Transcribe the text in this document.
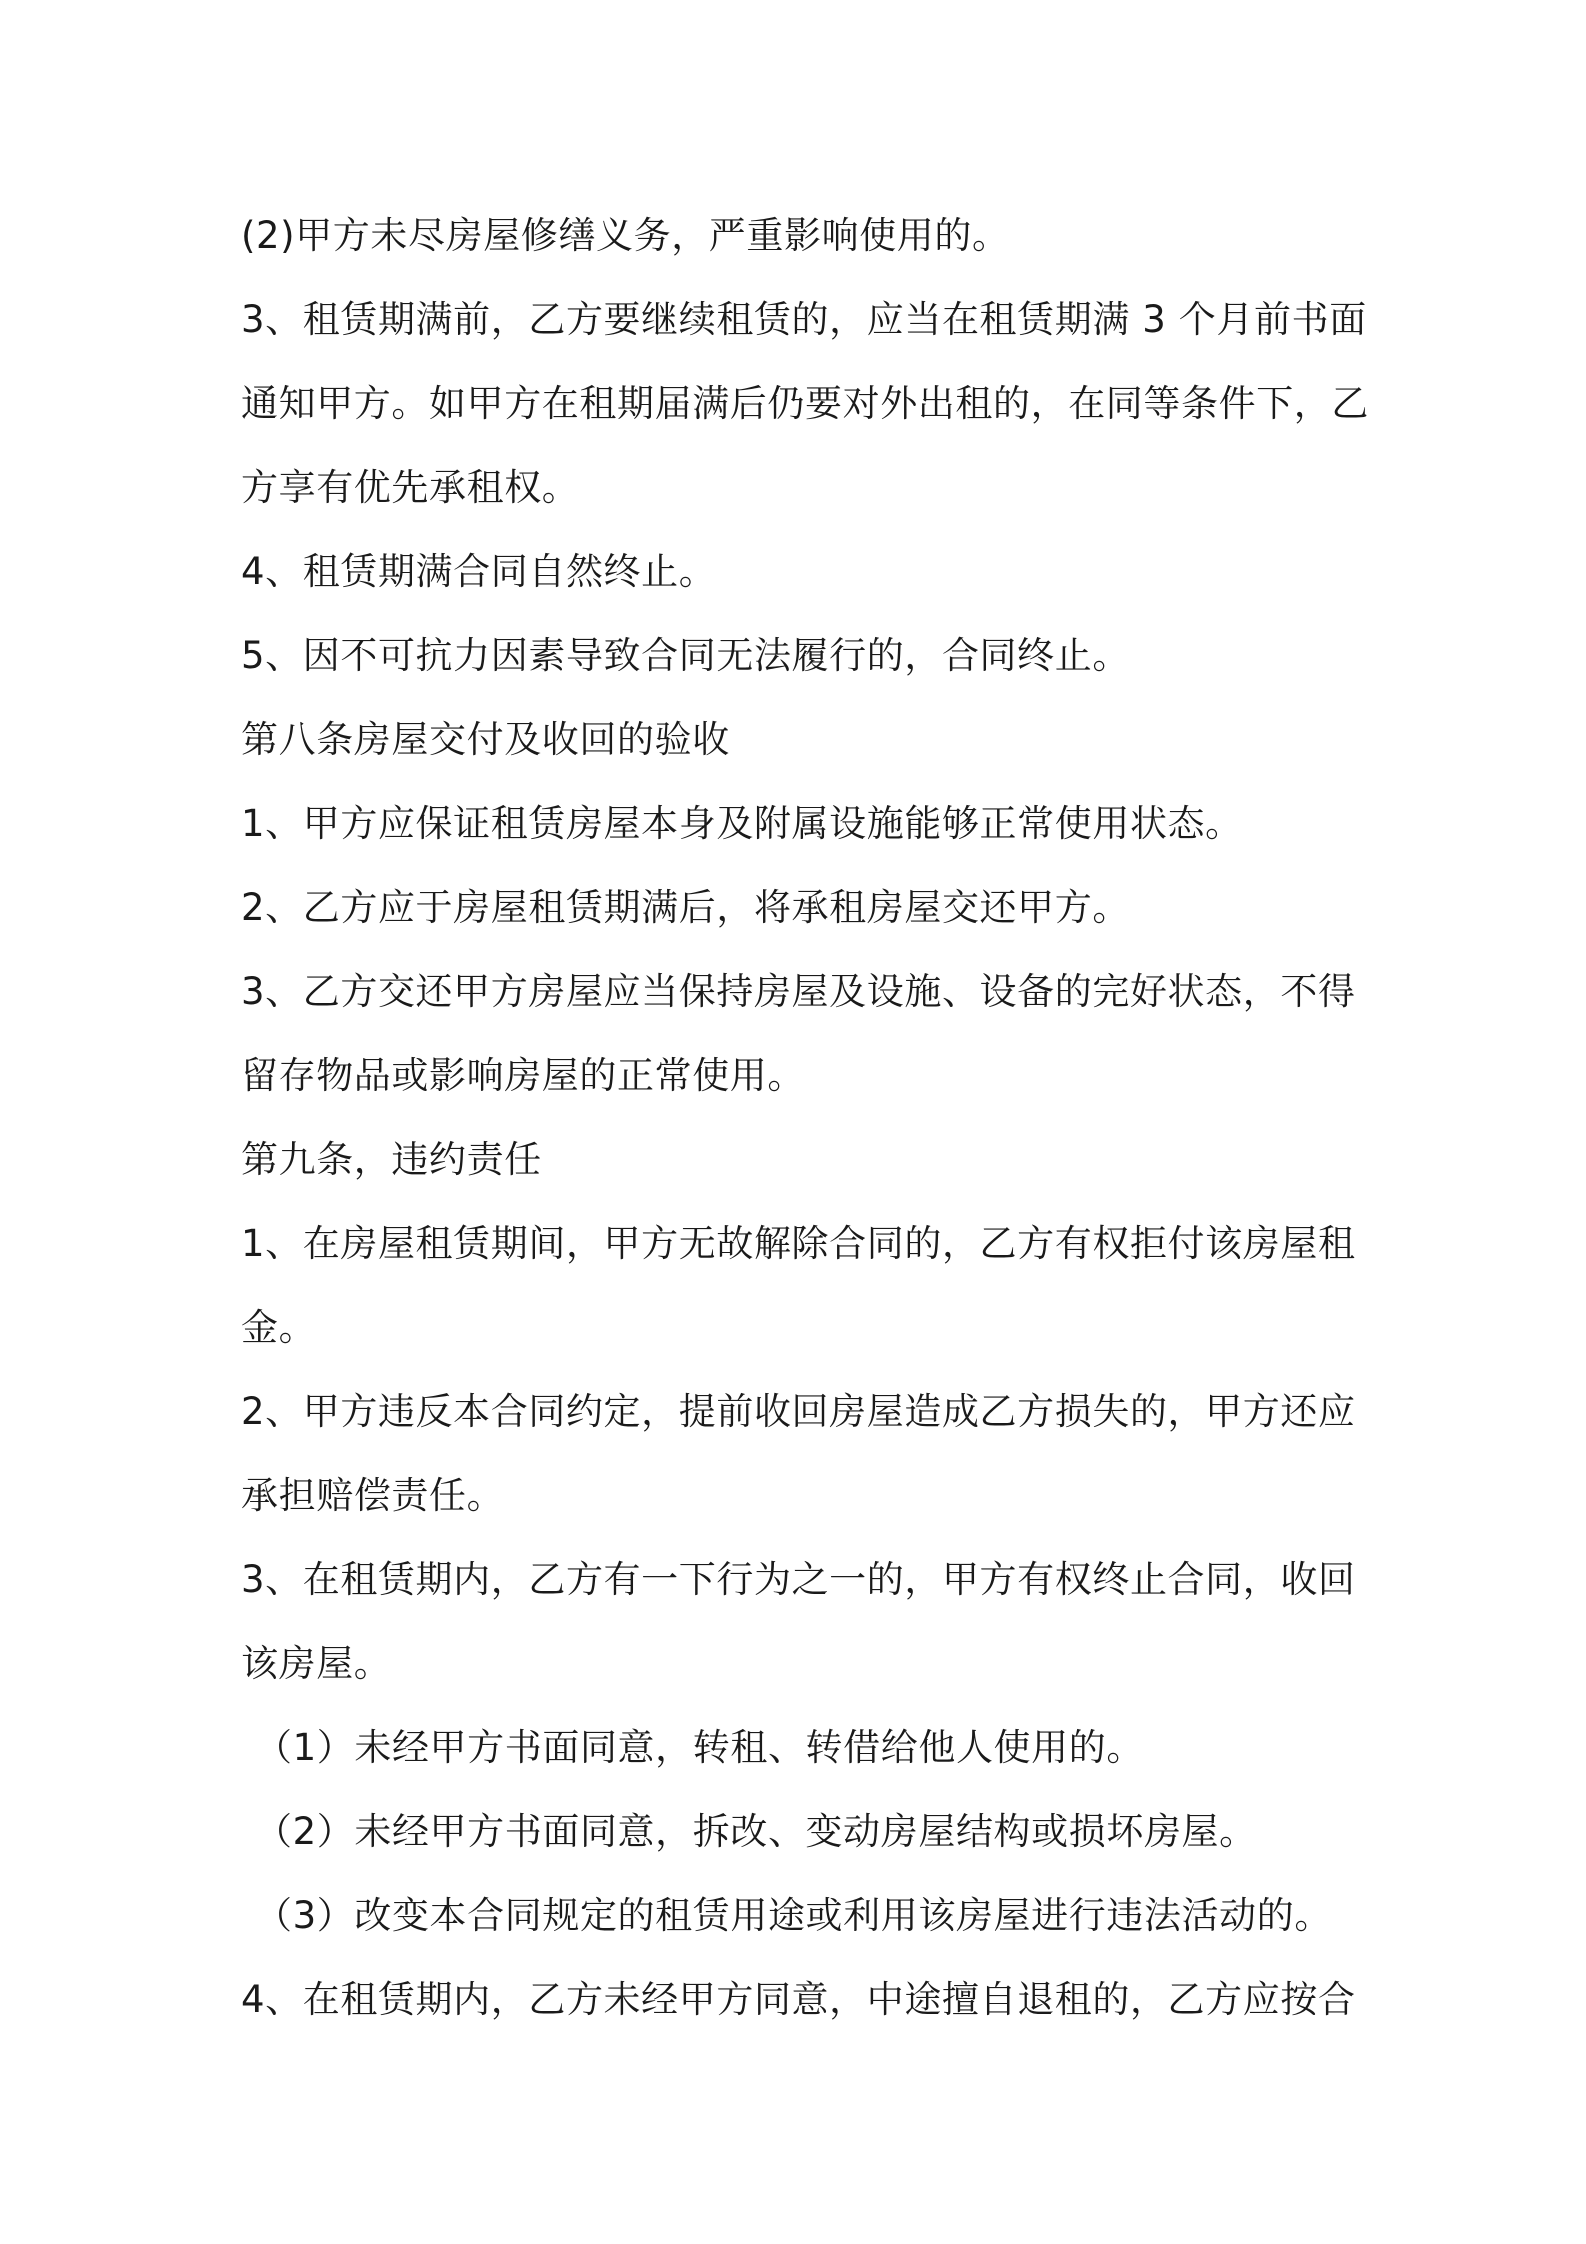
(2)甲方未尽房屋修缮义务，严重影响使用的。
3、租赁期满前，乙方要继续租赁的，应当在租赁期满 3 个月前书面
通知甲方。如甲方在租期届满后仍要对外出租的，在同等条件下，乙
方享有优先承租权。
4、租赁期满合同自然终止。
5、因不可抗力因素导致合同无法履行的，合同终止。
第八条房屋交付及收回的验收
1、甲方应保证租赁房屋本身及附属设施能够正常使用状态。
2、乙方应于房屋租赁期满后，将承租房屋交还甲方。
3、乙方交还甲方房屋应当保持房屋及设施、设备的完好状态，不得
留存物品或影响房屋的正常使用。
第九条，违约责任
1、在房屋租赁期间，甲方无故解除合同的，乙方有权拒付该房屋租
金。
2、甲方违反本合同约定，提前收回房屋造成乙方损失的，甲方还应
承担赔偿责任。
3、在租赁期内，乙方有一下行为之一的，甲方有权终止合同，收回
该房屋。
（1）未经甲方书面同意，转租、转借给他人使用的。
（2）未经甲方书面同意，拆改、变动房屋结构或损坏房屋。
（3）改变本合同规定的租赁用途或利用该房屋进行违法活动的。
4、在租赁期内，乙方未经甲方同意，中途擅自退租的，乙方应按合
